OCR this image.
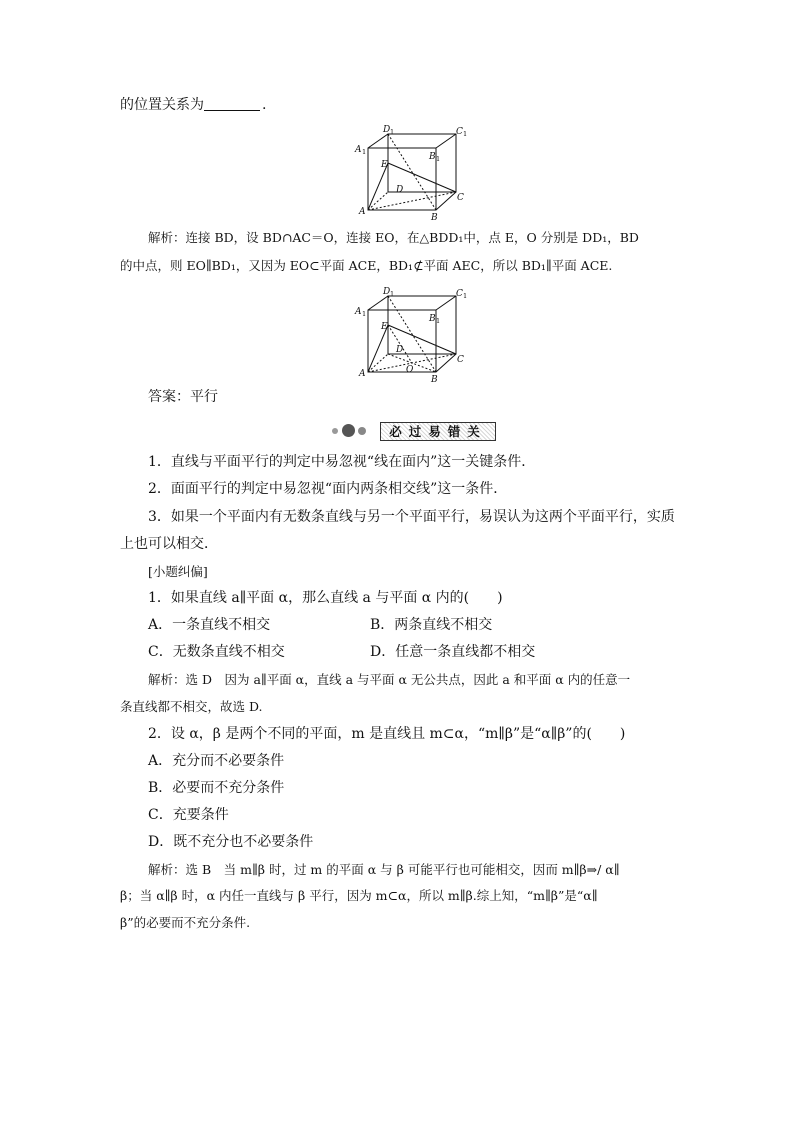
的位置关系为	.
D 1	C 1
A 1	B 1
E
D
A
B
C
解析：连接 BD，设 BD∩AC＝O，连接 EO，在△BDD₁中，点 E，O 分别是 DD₁，BD
的中点，则 EO∥BD₁，又因为 EO⊂平面 ACE，BD₁⊄平面 AEC，所以 BD₁∥平面 ACE.
D 1	C 1
A 1	B 1
E
D
O
A
B
C
答案：平行
必过易错关
1．直线与平面平行的判定中易忽视“线在面内”这一关键条件．
2．面面平行的判定中易忽视“面内两条相交线”这一条件．
3．如果一个平面内有无数条直线与另一个平面平行，易误认为这两个平面平行，实质
上也可以相交．
[小题纠偏]
1．如果直线 a∥平面 α，那么直线 a 与平面 α 内的(　　)
A．一条直线不相交	B．两条直线不相交
C．无数条直线不相交	D．任意一条直线都不相交
解析：选 D　因为 a∥平面 α，直线 a 与平面 α 无公共点，因此 a 和平面 α 内的任意一
条直线都不相交，故选 D.
2．设 α，β 是两个不同的平面，m 是直线且 m⊂α，“m∥β”是“α∥β”的(　　)
A．充分而不必要条件
B．必要而不充分条件
C．充要条件
D．既不充分也不必要条件
解析：选 B　当 m∥β 时，过 m 的平面 α 与 β 可能平行也可能相交，因而 m∥β⇒/ α∥
β；当 α∥β 时，α 内任一直线与 β 平行，因为 m⊂α，所以 m∥β.综上知，“m∥β”是“α∥
β”的必要而不充分条件.
